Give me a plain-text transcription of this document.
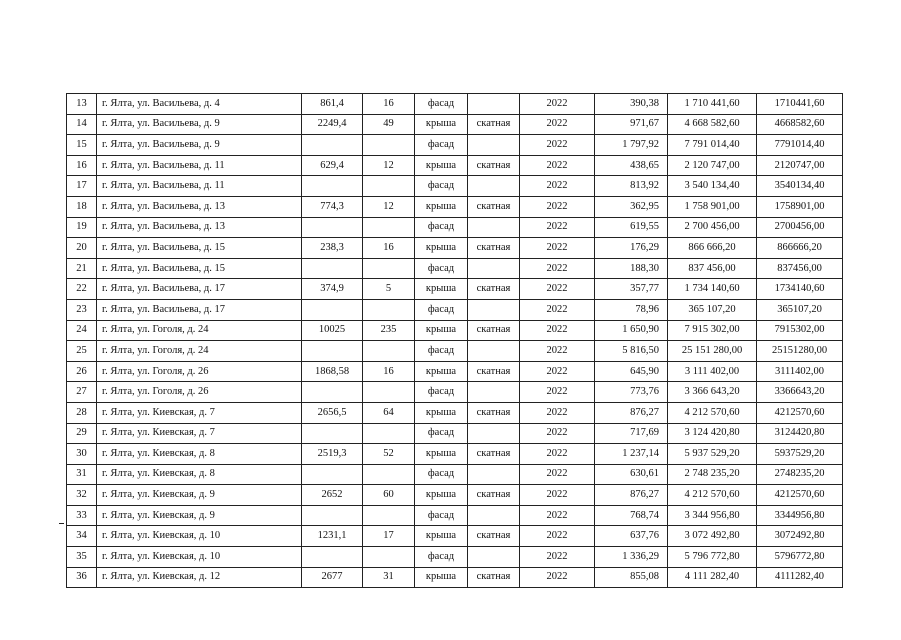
13	г. Ялта, ул. Васильева, д. 4	861,4	16	фасад		2022	390,38	1 710 441,60	1710441,60
14	г. Ялта, ул. Васильева, д. 9	2249,4	49	крыша	скатная	2022	971,67	4 668 582,60	4668582,60
15	г. Ялта, ул. Васильева, д. 9			фасад		2022	1 797,92	7 791 014,40	7791014,40
16	г. Ялта, ул. Васильева, д. 11	629,4	12	крыша	скатная	2022	438,65	2 120 747,00	2120747,00
17	г. Ялта, ул. Васильева, д. 11			фасад		2022	813,92	3 540 134,40	3540134,40
18	г. Ялта, ул. Васильева, д. 13	774,3	12	крыша	скатная	2022	362,95	1 758 901,00	1758901,00
19	г. Ялта, ул. Васильева, д. 13			фасад		2022	619,55	2 700 456,00	2700456,00
20	г. Ялта, ул. Васильева, д. 15	238,3	16	крыша	скатная	2022	176,29	866 666,20	866666,20
21	г. Ялта, ул. Васильева, д. 15			фасад		2022	188,30	837 456,00	837456,00
22	г. Ялта, ул. Васильева, д. 17	374,9	5	крыша	скатная	2022	357,77	1 734 140,60	1734140,60
23	г. Ялта, ул. Васильева, д. 17			фасад		2022	78,96	365 107,20	365107,20
24	г. Ялта, ул. Гоголя, д. 24	10025	235	крыша	скатная	2022	1 650,90	7 915 302,00	7915302,00
25	г. Ялта, ул. Гоголя, д. 24			фасад		2022	5 816,50	25 151 280,00	25151280,00
26	г. Ялта, ул. Гоголя, д. 26	1868,58	16	крыша	скатная	2022	645,90	3 111 402,00	3111402,00
27	г. Ялта, ул. Гоголя, д. 26			фасад		2022	773,76	3 366 643,20	3366643,20
28	г. Ялта, ул. Киевская, д. 7	2656,5	64	крыша	скатная	2022	876,27	4 212 570,60	4212570,60
29	г. Ялта, ул. Киевская, д. 7			фасад		2022	717,69	3 124 420,80	3124420,80
30	г. Ялта, ул. Киевская, д. 8	2519,3	52	крыша	скатная	2022	1 237,14	5 937 529,20	5937529,20
31	г. Ялта, ул. Киевская, д. 8			фасад		2022	630,61	2 748 235,20	2748235,20
32	г. Ялта, ул. Киевская, д. 9	2652	60	крыша	скатная	2022	876,27	4 212 570,60	4212570,60
33	г. Ялта, ул. Киевская, д. 9			фасад		2022	768,74	3 344 956,80	3344956,80
34	г. Ялта, ул. Киевская, д. 10	1231,1	17	крыша	скатная	2022	637,76	3 072 492,80	3072492,80
35	г. Ялта, ул. Киевская, д. 10			фасад		2022	1 336,29	5 796 772,80	5796772,80
36	г. Ялта, ул. Киевская, д. 12	2677	31	крыша	скатная	2022	855,08	4 111 282,40	4111282,40
